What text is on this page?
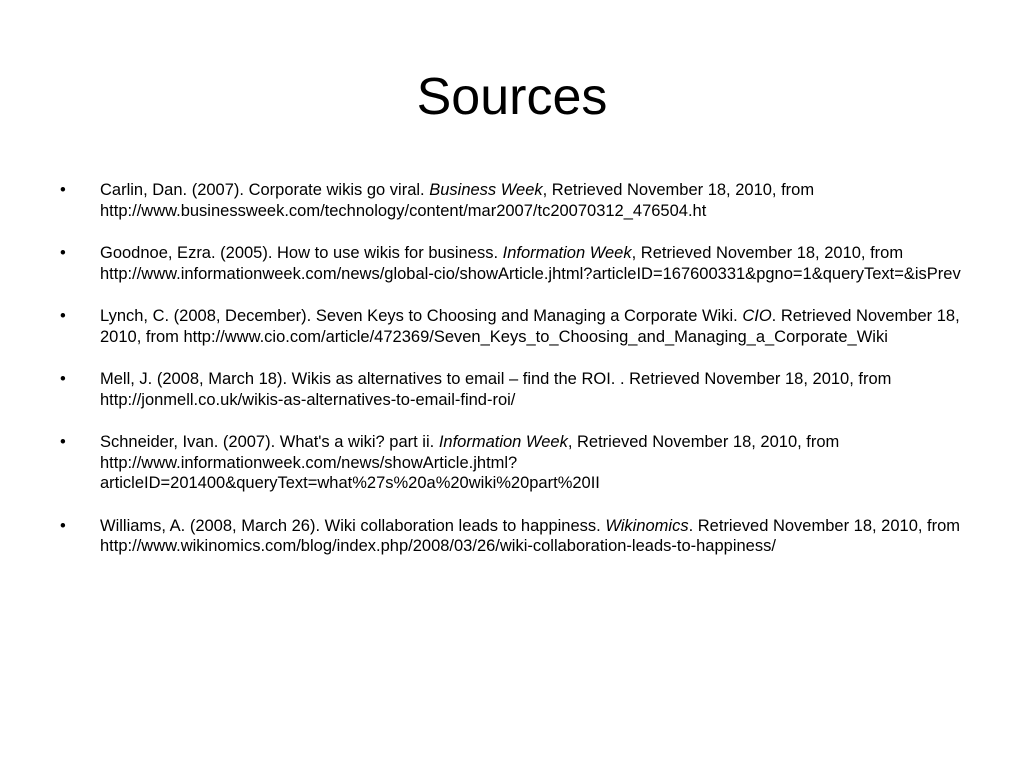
Sources
•	Carlin, Dan. (2007). Corporate wikis go viral. Business Week, Retrieved November 18, 2010, from http://www.businessweek.com/technology/content/mar2007/tc20070312_476504.ht
•	Goodnoe, Ezra. (2005). How to use wikis for business. Information Week, Retrieved November 18, 2010, from http://www.informationweek.com/news/global-cio/showArticle.jhtml?articleID=167600331&pgno=1&queryText=&isPrev
•	Lynch, C. (2008, December). Seven Keys to Choosing and Managing a Corporate Wiki. CIO. Retrieved November 18, 2010, from http://www.cio.com/article/472369/Seven_Keys_to_Choosing_and_Managing_a_Corporate_Wiki
•	Mell, J. (2008, March 18). Wikis as alternatives to email – find the ROI. . Retrieved November 18, 2010, from http://jonmell.co.uk/wikis-as-alternatives-to-email-find-roi/
•	Schneider, Ivan. (2007). What's a wiki? part ii. Information Week, Retrieved November 18, 2010, from http://www.informationweek.com/news/showArticle.jhtml?articleID=201400&queryText=what%27s%20a%20wiki%20part%20II
•	Williams, A. (2008, March 26). Wiki collaboration leads to happiness. Wikinomics. Retrieved November 18, 2010, from http://www.wikinomics.com/blog/index.php/2008/03/26/wiki-collaboration-leads-to-happiness/
